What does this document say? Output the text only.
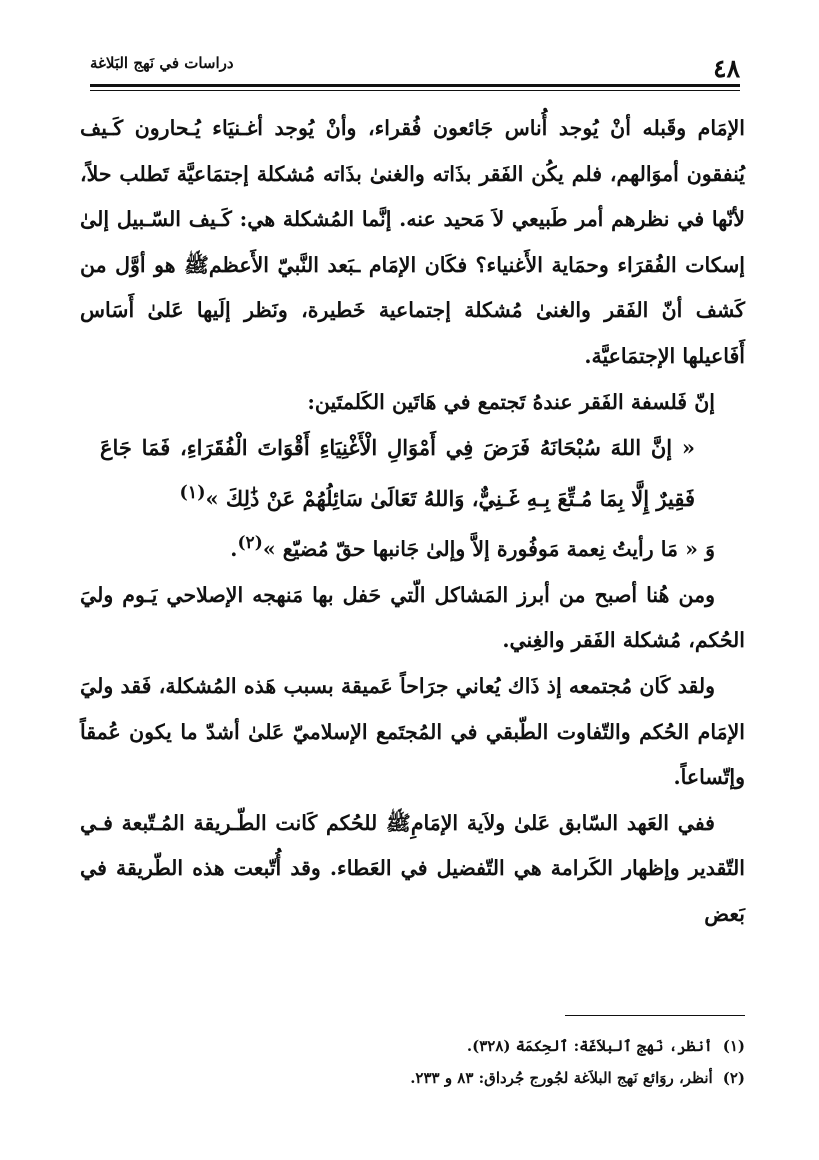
٤٨
دراسات في نَهج البَلاغة

الإمَام وقَبله أنْ يُوجد أُناس جَائعون فُقراء، وأنْ يُوجد أغـنيَاء يُـحارون كَـيف يُنفقون أموَالهم، فلم يكُن الفَقر بذَاته والغنىٰ بذَاته مُشكلة إجتمَاعيَّة تَطلب حلاً، لأنّها في نظرهم أمر طَبيعي لاَ مَحيد عنه. إنَّما المُشكلة هي: كَـيف السّـبيل إلىٰ إسكات الفُقرَاء وحمَاية الأَغنياء؟ فكَان الإمَام ـبَعد النَّبيّ الأَعظمﷺ هو أوَّل من كَشف أنّ الفَقر والغنىٰ مُشكلة إجتماعية خَطيرة، ونَظر إلَيها عَلىٰ أَسَاس أَفَاعيلها الإجتمَاعيَّة.

إنّ فَلسفة الفَقر عندهُ تَجتمع في هَاتَين الكَلمتَين:

« إنَّ اللهَ سُبْحَانَهُ فَرَضَ فِي أَمْوَالِ الْأَغْنِيَاءِ أَقْوَاتَ الْفُقَرَاءِ، فَمَا جَاعَ فَقِيرٌ إِلَّا بِمَا مُـتِّعَ بِـهِ غَـنِيٌّ، وَاللهُ تَعَالَىٰ سَائِلُهُمْ عَنْ ذَٰلِكَ »$^{(١)}$

وَ « مَا رأيتُ نِعمة مَوفُورة إلاَّ وإلىٰ جَانبها حقّ مُضيّع »$^{(٢)}$.

ومن هُنا أصبح من أبرز المَشاكل الّتي حَفل بها مَنهجه الإصلاحي يَـوم وليَ الحُكم، مُشكلة الفَقر والغِني.

ولقد كَان مُجتمعه إذ ذَاك يُعاني جرَاحاً عَميقة بسبب هَذه المُشكلة، فَقد وليَ الإمَام الحُكم والتّفاوت الطّبقي في المُجتَمع الإسلاميّ عَلىٰ أشدّ ما يكون عُمقاً وإتّساعاً.

ففي العَهد السّابق عَلىٰ ولاَية الإمَامِﷺ للحُكم كَانت الطّـريقة المُـتّبعة فـي التّقدير وإظهار الكَرامة هي التّفضيل في العَطاء. وقد أُتّبعت هذه الطّريقة في بَعض

(١)أنظر، نَهج ٱلبلاَغَة: ٱلحِكمَة (٣٢٨).

(٢)أنظر، روَائع نَهج البلاَغة لجُورج جُرداق: ٨٣ و ٢٣٣.
